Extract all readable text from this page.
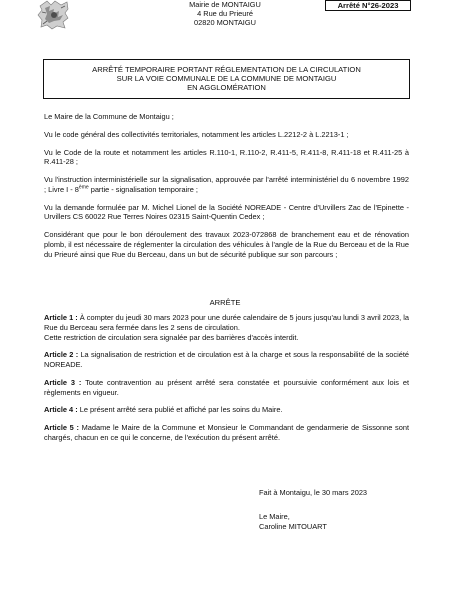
Mairie de MONTAIGU
4 Rue du Prieuré
02820 MONTAIGU
Arrêté N°26-2023
ARRÊTÉ TEMPORAIRE PORTANT RÉGLEMENTATION DE LA CIRCULATION
SUR LA VOIE COMMUNALE DE LA COMMUNE DE MONTAIGU
EN AGGLOMÉRATION

Le Maire de la Commune de Montaigu ;

Vu le code général des collectivités territoriales, notamment les articles L.2212-2 à L.2213-1 ;

Vu le Code de la route et notamment les articles R.110-1, R.110-2, R.411-5, R.411-8, R.411-18 et R.411-25 à R.411-28 ;

Vu l'instruction interministérielle sur la signalisation, approuvée par l'arrêté interministériel du 6 novembre 1992 ; Livre I - 8ème partie - signalisation temporaire ;

Vu la demande formulée par M. Michel Lionel de la Société NOREADE - Centre d'Urvillers Zac de l'Epinette - Urvillers CS 60022 Rue Terres Noires 02315 Saint-Quentin Cedex ;

Considérant que pour le bon déroulement des travaux 2023-072868 de branchement eau et de rénovation plomb, il est nécessaire de réglementer la circulation des véhicules à l'angle de la Rue du Berceau et de la Rue du Prieuré ainsi que Rue du Berceau, dans un but de sécurité publique sur son parcours ;

ARRÊTE

Article 1 : À compter du jeudi 30 mars 2023 pour une durée calendaire de 5 jours jusqu'au lundi 3 avril 2023, la Rue du Berceau sera fermée dans les 2 sens de circulation.
Cette restriction de circulation sera signalée par des barrières d'accès interdit.

Article 2 : La signalisation de restriction et de circulation est à la charge et sous la responsabilité de la société NOREADE.

Article 3 : Toute contravention au présent arrêté sera constatée et poursuivie conformément aux lois et règlements en vigueur.

Article 4 : Le présent arrêté sera publié et affiché par les soins du Maire.

Article 5 : Madame le Maire de la Commune et Monsieur le Commandant de gendarmerie de Sissonne sont chargés, chacun en ce qui le concerne, de l'exécution du présent arrêté.

Fait à Montaigu, le 30 mars 2023
Le Maire,
Caroline MITOUART
